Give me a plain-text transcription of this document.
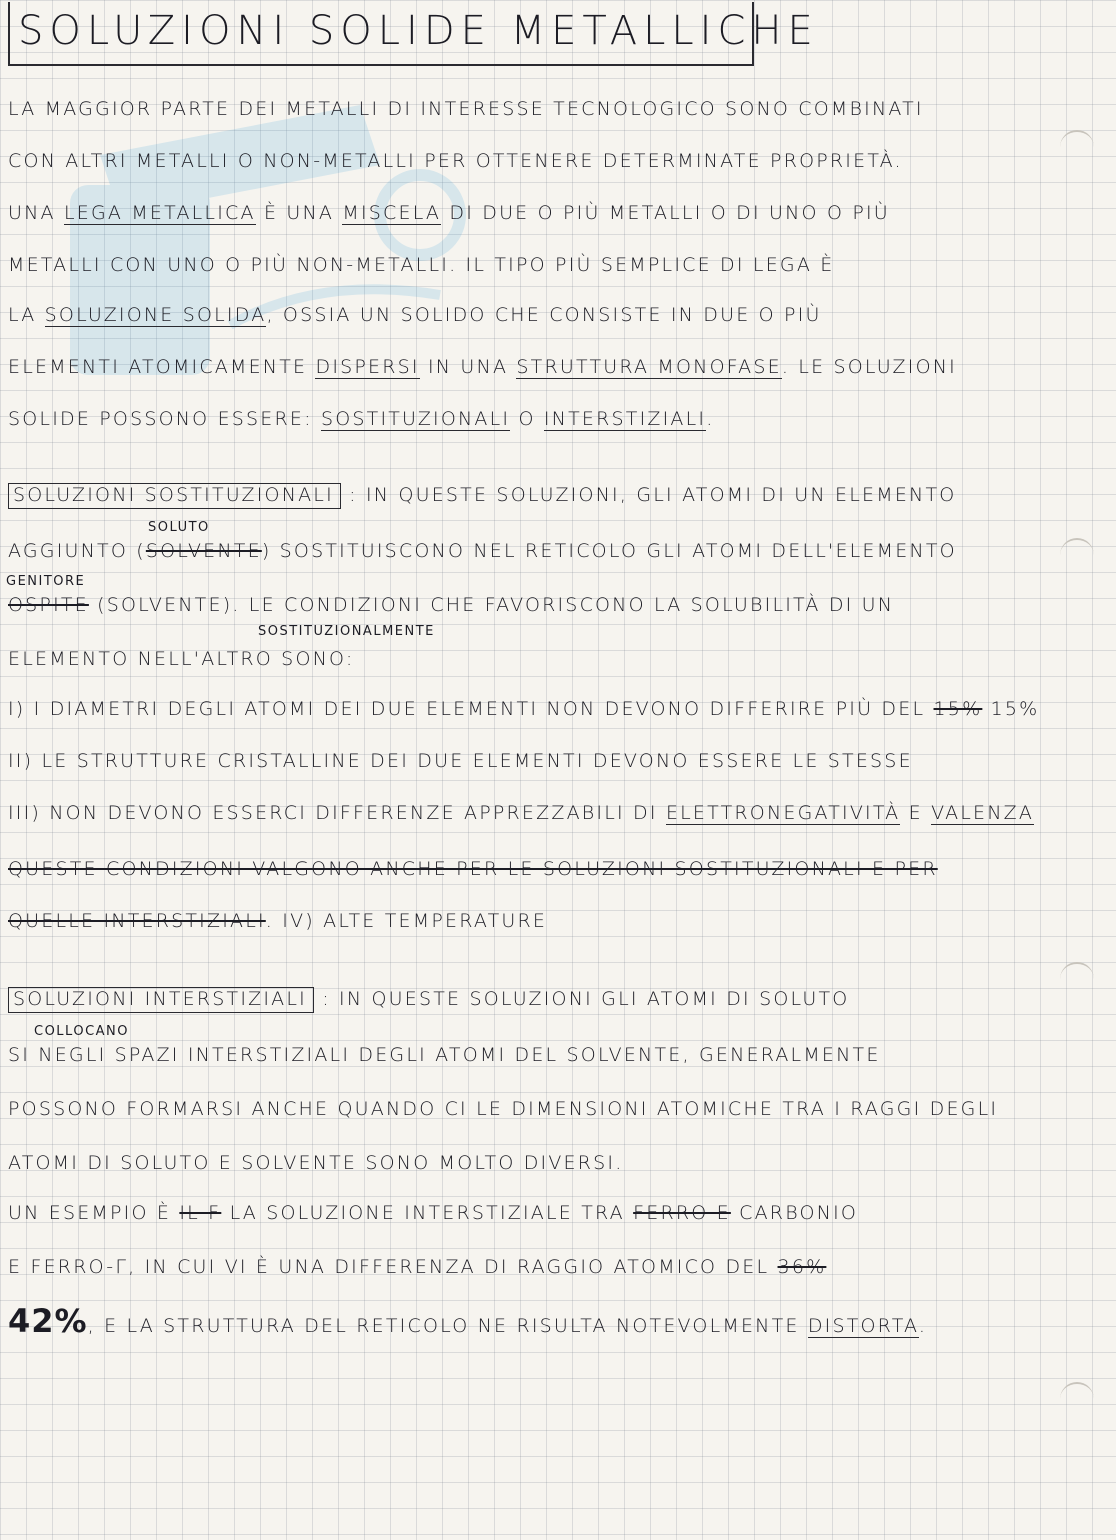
SOLUZIONI SOLIDE METALLICHE
LA MAGGIOR PARTE DEI METALLI DI INTERESSE TECNOLOGICO SONO COMBINATI
CON ALTRI METALLI O NON-METALLI PER OTTENERE DETERMINATE PROPRIETÀ.
UNA LEGA METALLICA È UNA MISCELA DI DUE O PIÙ METALLI O DI UNO O PIÙ
METALLI CON UNO O PIÙ NON-METALLI. IL TIPO PIÙ SEMPLICE DI LEGA È
LA SOLUZIONE SOLIDA, OSSIA UN SOLIDO CHE CONSISTE IN DUE O PIÙ
ELEMENTI ATOMICAMENTE DISPERSI IN UNA STRUTTURA MONOFASE. LE SOLUZIONI
SOLIDE POSSONO ESSERE: SOSTITUZIONALI O INTERSTIZIALI.
SOLUZIONI SOSTITUZIONALI : IN QUESTE SOLUZIONI, GLI ATOMI DI UN ELEMENTO
SOLUTO
AGGIUNTO (SOLVENTE) SOSTITUISCONO NEL RETICOLO GLI ATOMI DELL'ELEMENTO
GENITORE
OSPITE (SOLVENTE). LE CONDIZIONI CHE FAVORISCONO LA SOLUBILITÀ DI UN
SOSTITUZIONALMENTE
ELEMENTO NELL'ALTRO SONO:
I) I DIAMETRI DEGLI ATOMI DEI DUE ELEMENTI NON DEVONO DIFFERIRE PIÙ DEL 15% 15%
II) LE STRUTTURE CRISTALLINE DEI DUE ELEMENTI DEVONO ESSERE LE STESSE
III) NON DEVONO ESSERCI DIFFERENZE APPREZZABILI DI ELETTRONEGATIVITÀ E VALENZA
QUESTE CONDIZIONI VALGONO ANCHE PER LE SOLUZIONI SOSTITUZIONALI E PER
QUELLE INTERSTIZIALI. IV) ALTE TEMPERATURE
SOLUZIONI INTERSTIZIALI : IN QUESTE SOLUZIONI GLI ATOMI DI SOLUTO
COLLOCANO
SI NEGLI SPAZI INTERSTIZIALI DEGLI ATOMI DEL SOLVENTE, GENERALMENTE
POSSONO FORMARSI ANCHE QUANDO CI LE DIMENSIONI ATOMICHE TRA I RAGGI DEGLI
ATOMI DI SOLUTO E SOLVENTE SONO MOLTO DIVERSI.
UN ESEMPIO È IL F LA SOLUZIONE INTERSTIZIALE TRA FERRO E CARBONIO
E FERRO-Γ, IN CUI VI È UNA DIFFERENZA DI RAGGIO ATOMICO DEL 36%
42%, E LA STRUTTURA DEL RETICOLO NE RISULTA NOTEVOLMENTE DISTORTA.
